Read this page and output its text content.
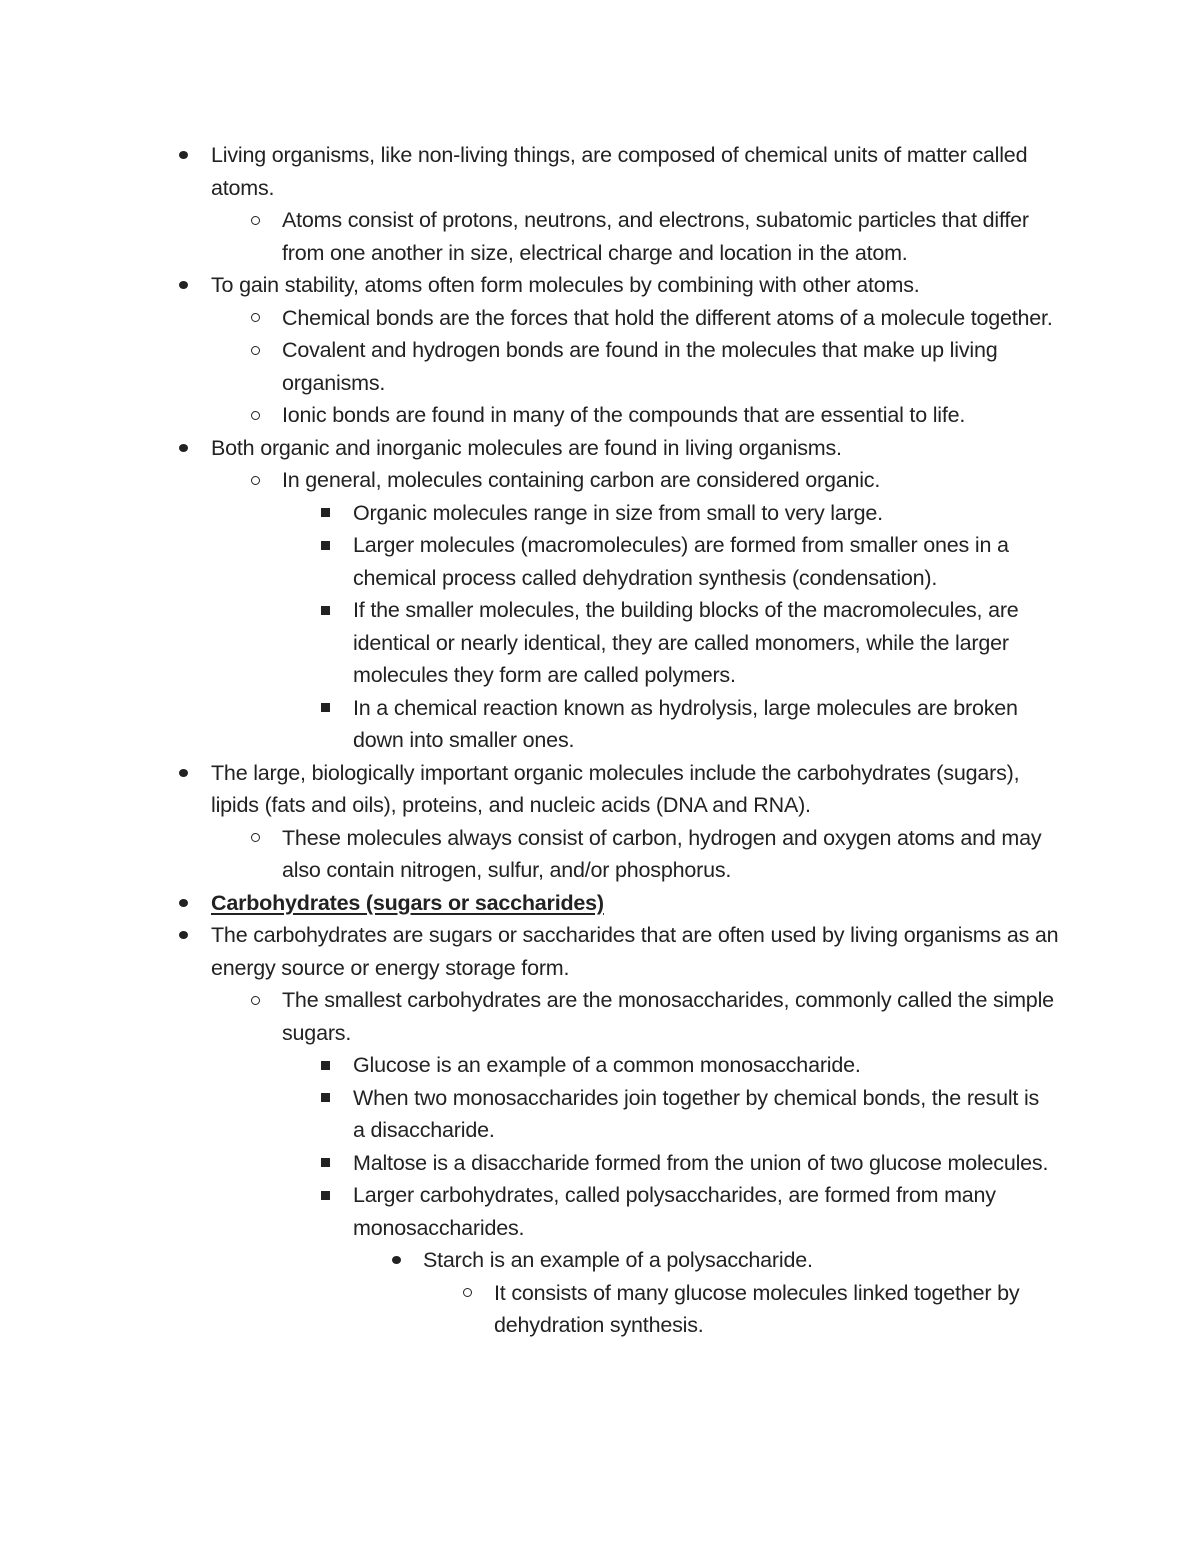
Living organisms, like non-living things, are composed of chemical units of matter called atoms.
Atoms consist of protons, neutrons, and electrons, subatomic particles that differ from one another in size, electrical charge and location in the atom.
To gain stability, atoms often form molecules by combining with other atoms.
Chemical bonds are the forces that hold the different atoms of a molecule together.
Covalent and hydrogen bonds are found in the molecules that make up living organisms.
Ionic bonds are found in many of the compounds that are essential to life.
Both organic and inorganic molecules are found in living organisms.
In general, molecules containing carbon are considered organic.
Organic molecules range in size from small to very large.
Larger molecules (macromolecules) are formed from smaller ones in a chemical process called dehydration synthesis (condensation).
If the smaller molecules, the building blocks of the macromolecules, are identical or nearly identical, they are called monomers, while the larger molecules they form are called polymers.
In a chemical reaction known as hydrolysis, large molecules are broken down into smaller ones.
The large, biologically important organic molecules include the carbohydrates (sugars), lipids (fats and oils), proteins, and nucleic acids (DNA and RNA).
These molecules always consist of carbon, hydrogen and oxygen atoms and may also contain nitrogen, sulfur, and/or phosphorus.
Carbohydrates (sugars or saccharides)
The carbohydrates are sugars or saccharides that are often used by living organisms as an energy source or energy storage form.
The smallest carbohydrates are the monosaccharides, commonly called the simple sugars.
Glucose is an example of a common monosaccharide.
When two monosaccharides join together by chemical bonds, the result is a disaccharide.
Maltose is a disaccharide formed from the union of two glucose molecules.
Larger carbohydrates, called polysaccharides, are formed from many monosaccharides.
Starch is an example of a polysaccharide.
It consists of many glucose molecules linked together by dehydration synthesis.
